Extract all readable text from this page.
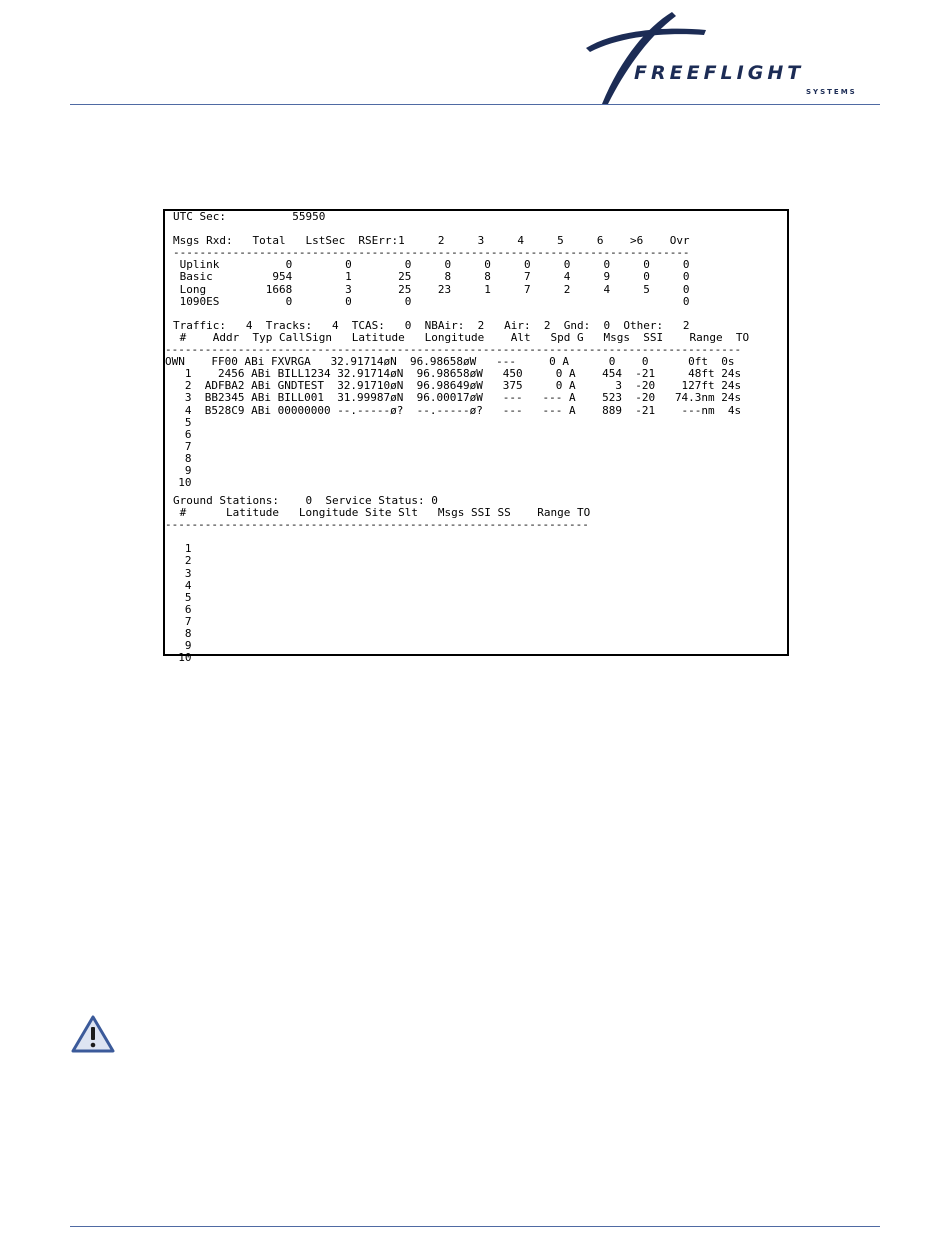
FREEFLIGHT
SYSTEMS
UTC Sec:          55950

Msgs Rxd:   Total   LstSec  RSErr:1     2     3     4     5     6    >6    Ovr
------------------------------------------------------------------------------
Uplink          0        0        0     0     0     0     0     0     0     0
Basic         954        1       25     8     8     7     4     9     0     0
Long         1668        3       25    23     1     7     2     4     5     0
1090ES          0        0        0                                         0

Traffic:   4  Tracks:   4  TCAS:   0  NBAir:  2   Air:  2  Gnd:  0  Other:   2
#    Addr  Typ CallSign   Latitude   Longitude    Alt   Spd G   Msgs  SSI    Range  TO

---------------------------------------------------------------------------------------
OWN    FF00 ABi FXVRGA   32.91714øN  96.98658øW   ---     0 A      0    0      0ft  0s
1    2456 ABi BILL1234 32.91714øN  96.98658øW   450     0 A    454  -21     48ft 24s
2  ADFBA2 ABi GNDTEST  32.91710øN  96.98649øW   375     0 A      3  -20    127ft 24s
3  BB2345 ABi BILL001  31.99987øN  96.00017øW   ---   --- A    523  -20   74.3nm 24s
4  B528C9 ABi 00000000 --.-----ø?  --.-----ø?   ---   --- A    889  -21    ---nm  4s
5
6
7
8
9
10

Ground Stations:    0  Service Status: 0
#      Latitude   Longitude Site Slt   Msgs SSI SS    Range TO

----------------------------------------------------------------

1
2
3
4
5
6
7
8
9
10
